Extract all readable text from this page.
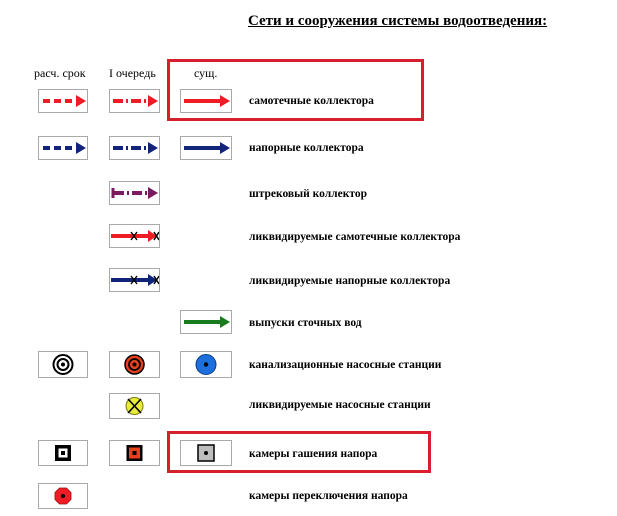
Сети и сооружения системы водоотведения:
расч. срок I очередь	сущ.
самотечные коллектора
напорные коллектора
штрековый коллектор
ликвидируемые самотечные коллектора
ликвидируемые напорные коллектора
выпуски сточных вод
канализационные насосные станции
ликвидируемые насосные станции
камеры гашения напора
камеры переключения напора
